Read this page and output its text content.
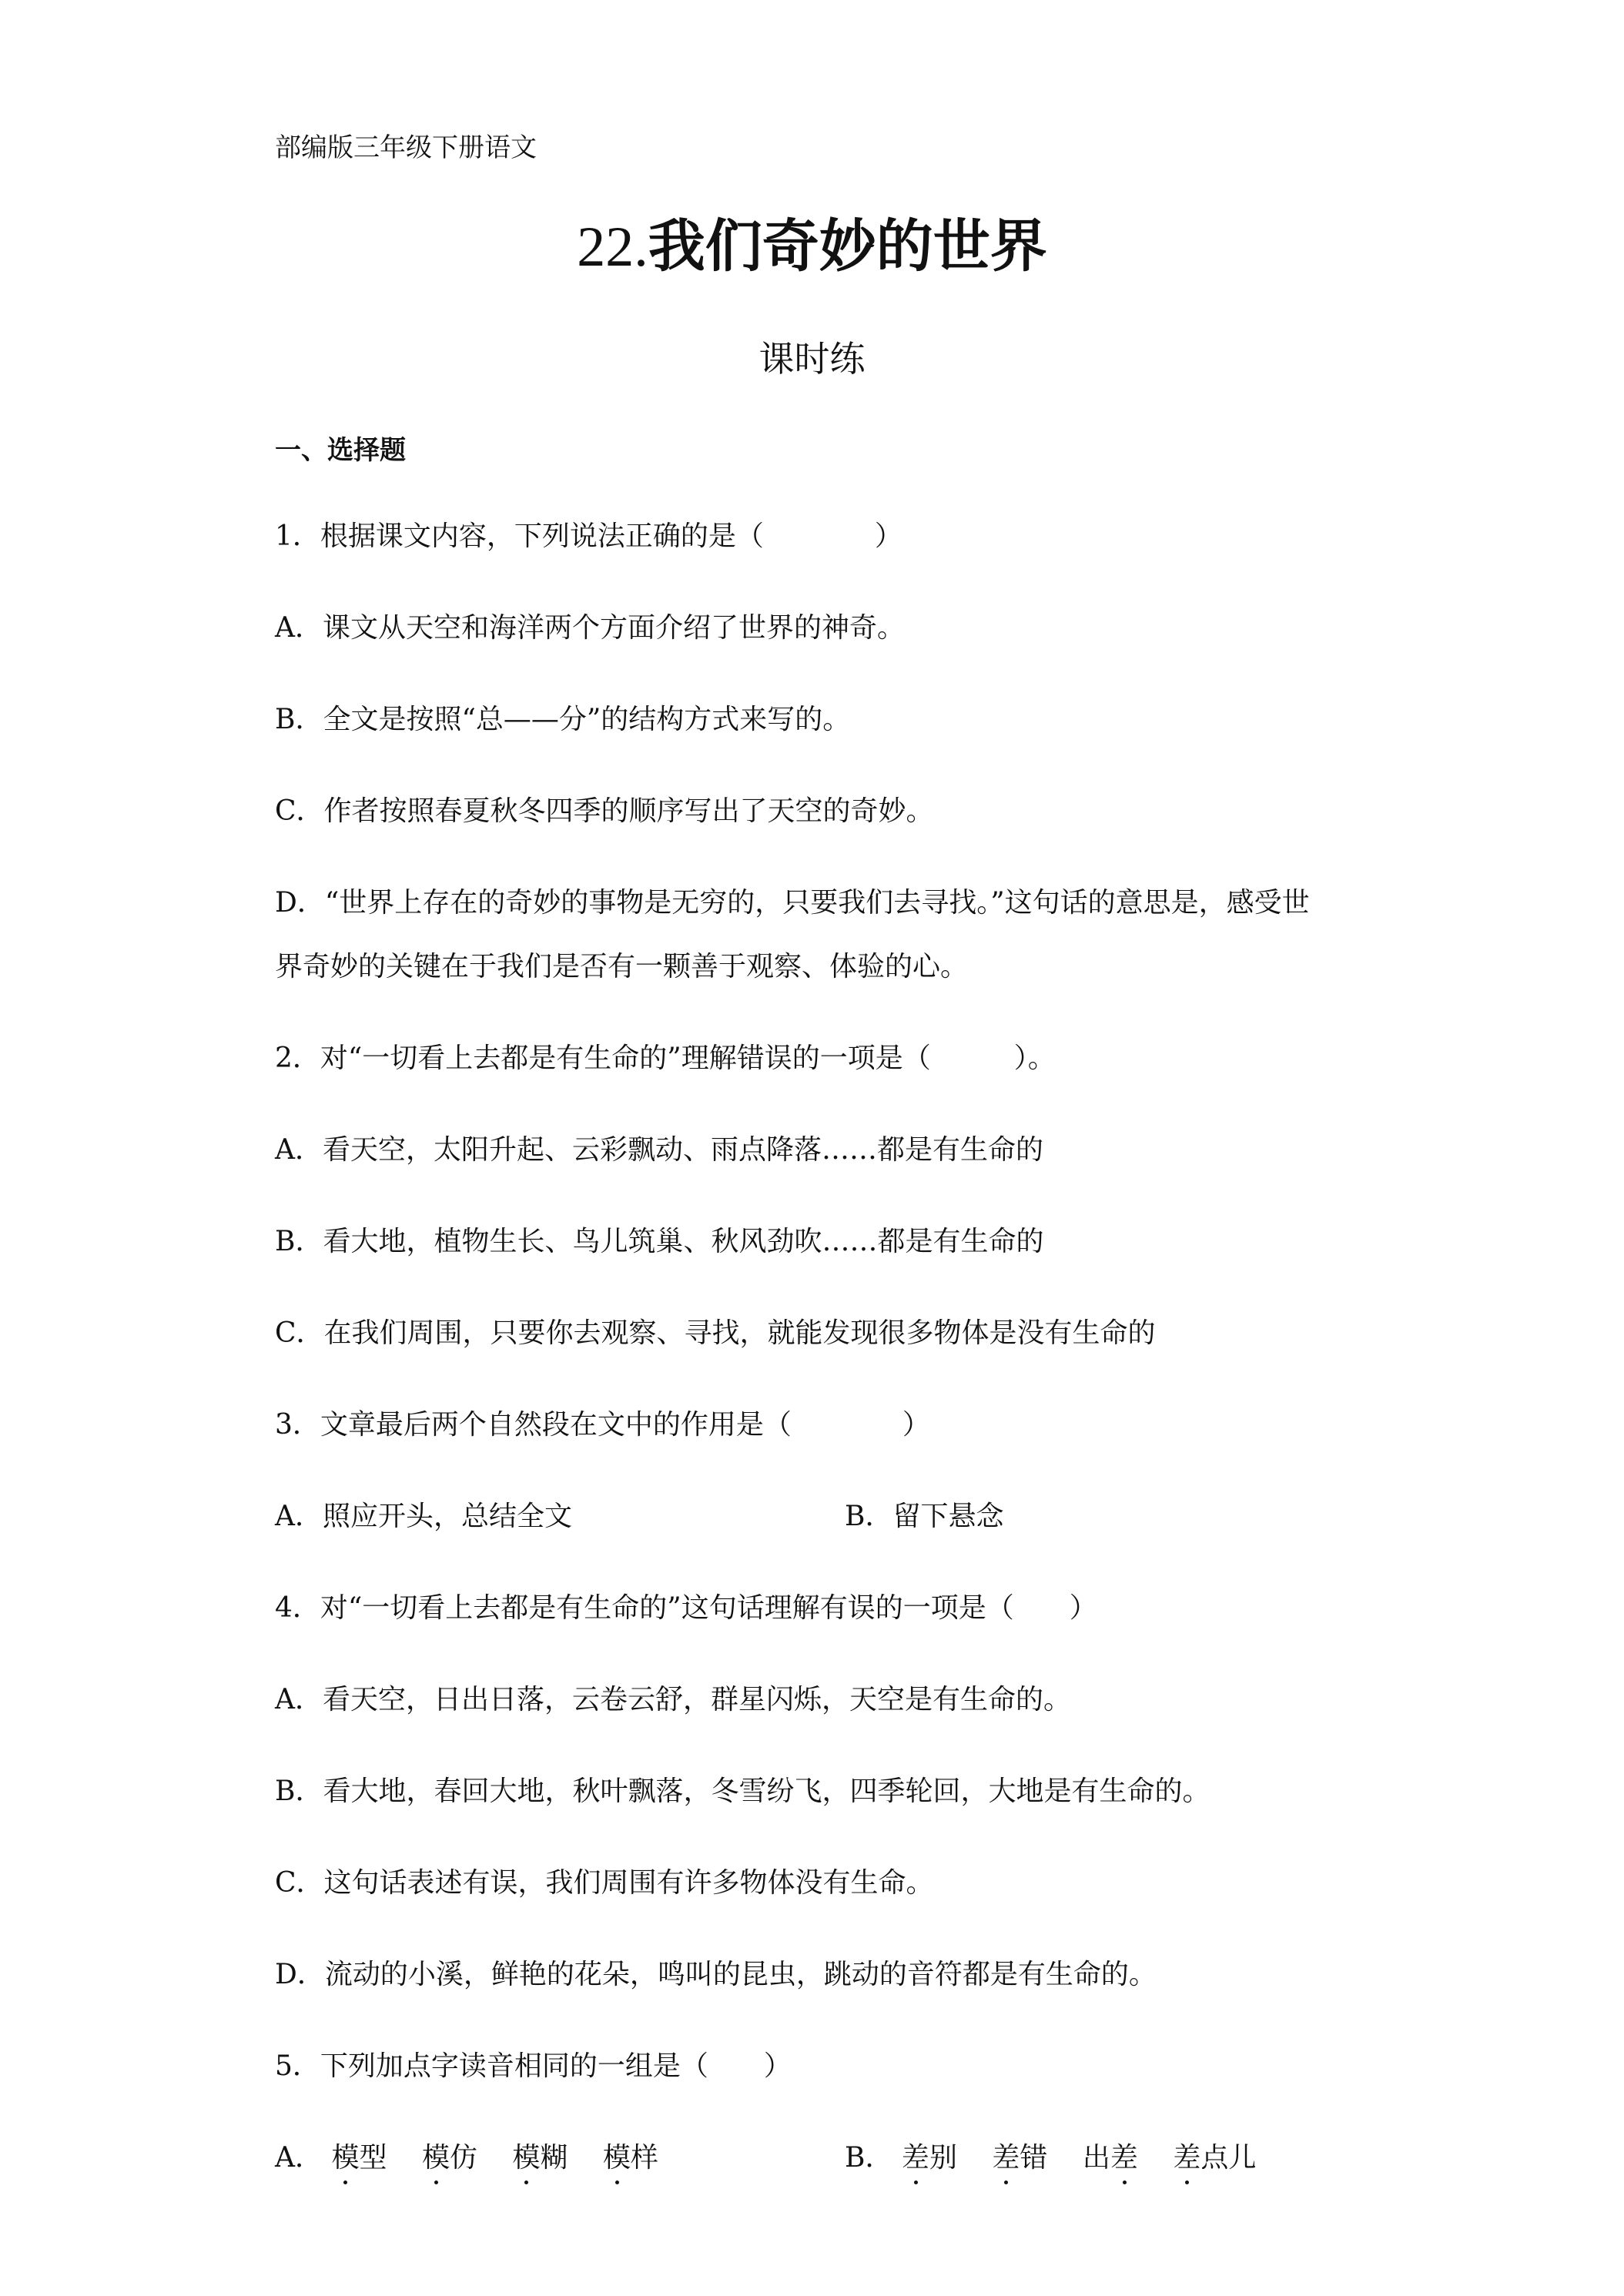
部编版三年级下册语文
22.我们奇妙的世界
课时练
一、选择题
1．根据课文内容，下列说法正确的是（　　　　）
A．课文从天空和海洋两个方面介绍了世界的神奇。
B．全文是按照“总——分”的结构方式来写的。
C．作者按照春夏秋冬四季的顺序写出了天空的奇妙。
D．“世界上存在的奇妙的事物是无穷的，只要我们去寻找。”这句话的意思是，感受世
界奇妙的关键在于我们是否有一颗善于观察、体验的心。
2．对“一切看上去都是有生命的”理解错误的一项是（　　　）。
A．看天空，太阳升起、云彩飘动、雨点降落……都是有生命的
B．看大地，植物生长、鸟儿筑巢、秋风劲吹……都是有生命的
C．在我们周围，只要你去观察、寻找，就能发现很多物体是没有生命的
3．文章最后两个自然段在文中的作用是（　　　　）
A．照应开头，总结全文	B．留下悬念
4．对“一切看上去都是有生命的”这句话理解有误的一项是（　　）
A．看天空，日出日落，云卷云舒，群星闪烁，天空是有生命的。
B．看大地，春回大地，秋叶飘落，冬雪纷飞，四季轮回，大地是有生命的。
C．这句话表述有误，我们周围有许多物体没有生命。
D．流动的小溪，鲜艳的花朵，鸣叫的昆虫，跳动的音符都是有生命的。
5．下列加点字读音相同的一组是（　　）
A． 模型 模仿 模糊 模样	B． 差别 差错 出差 差点儿
